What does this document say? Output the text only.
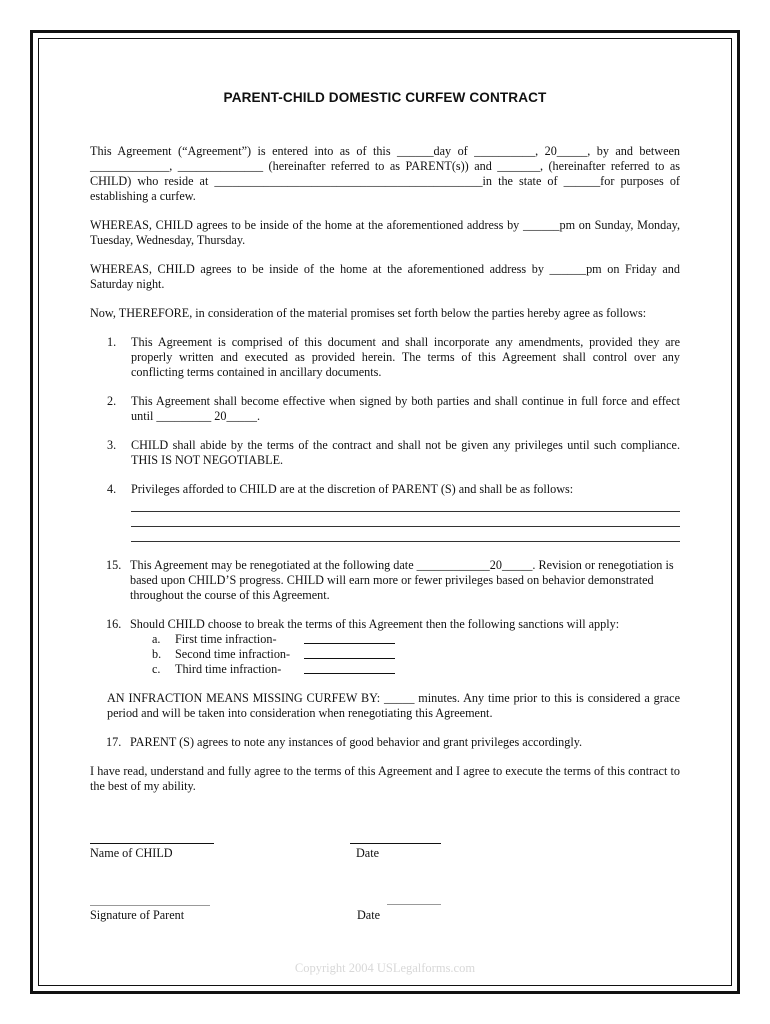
PARENT-CHILD DOMESTIC CURFEW CONTRACT

This Agreement (“Agreement”) is entered into as of this ______day of __________, 20_____, by and between _____________, ______________ (hereinafter referred to as PARENT(s)) and _______, (hereinafter referred to as CHILD) who reside at ____________________________________________in the state of ______for purposes of establishing a curfew.

WHEREAS, CHILD agrees to be inside of the home at the aforementioned address by ______pm on Sunday, Monday, Tuesday, Wednesday, Thursday.

WHEREAS, CHILD agrees to be inside of the home at the aforementioned address by ______pm on Friday and Saturday night.

Now, THEREFORE, in consideration of the material promises set forth below the parties hereby agree as follows:

1. This Agreement is comprised of this document and shall incorporate any amendments, provided they are properly written and executed as provided herein. The terms of this Agreement shall control over any conflicting terms contained in ancillary documents.
2. This Agreement shall become effective when signed by both parties and shall continue in full force and effect until _________ 20_____.
3. CHILD shall abide by the terms of the contract and shall not be given any privileges until such compliance. THIS IS NOT NEGOTIABLE.
4. Privileges afforded to CHILD are at the discretion of PARENT (S) and shall be as follows:
15. This Agreement may be renegotiated at the following date ____________20_____. Revision or renegotiation is based upon CHILD’S progress. CHILD will earn more or fewer privileges based on behavior demonstrated throughout the course of this Agreement.
16. Should CHILD choose to break the terms of this Agreement then the following sanctions will apply:
a. First time infraction-
b. Second time infraction-
c. Third time infraction-

AN INFRACTION MEANS MISSING CURFEW BY: _____ minutes. Any time prior to this is considered a grace period and will be taken into consideration when renegotiating this Agreement.

17. PARENT (S) agrees to note any instances of good behavior and grant privileges accordingly.

I have read, understand and fully agree to the terms of this Agreement and I agree to execute the terms of this contract to the best of my ability.

Name of CHILD	Date
Signature of Parent	Date
Copyright 2004 USLegalforms.com
